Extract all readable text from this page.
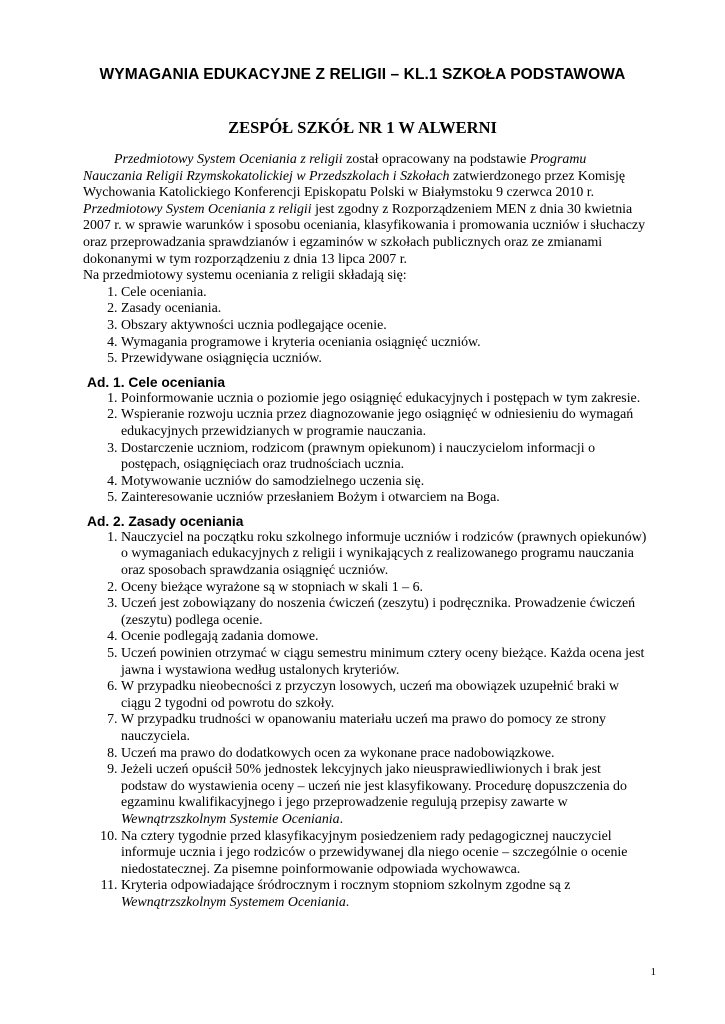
WYMAGANIA EDUKACYJNE Z RELIGII – KL.1 SZKOŁA PODSTAWOWA
ZESPÓŁ SZKÓŁ NR 1 W ALWERNI

Przedmiotowy System Oceniania z religii został opracowany na podstawie Programu Nauczania Religii Rzymskokatolickiej w Przedszkolach i Szkołach zatwierdzonego przez Komisję Wychowania Katolickiego Konferencji Episkopatu Polski w Białymstoku 9 czerwca 2010 r. Przedmiotowy System Oceniania z religii jest zgodny z Rozporządzeniem MEN z dnia 30 kwietnia 2007 r. w sprawie warunków i sposobu oceniania, klasyfikowania i promowania uczniów i słuchaczy oraz przeprowadzania sprawdzianów i egzaminów w szkołach publicznych oraz ze zmianami dokonanymi w tym rozporządzeniu z dnia 13 lipca 2007 r.

Na przedmiotowy systemu oceniania z religii składają się:

1. Cele oceniania.
2. Zasady oceniania.
3. Obszary aktywności ucznia podlegające ocenie.
4. Wymagania programowe i kryteria oceniania osiągnięć uczniów.
5. Przewidywane osiągnięcia uczniów.
Ad. 1. Cele oceniania
1. Poinformowanie ucznia o poziomie jego osiągnięć edukacyjnych i postępach w tym zakresie.
2. Wspieranie rozwoju ucznia przez diagnozowanie jego osiągnięć w odniesieniu do wymagań edukacyjnych przewidzianych w programie nauczania.
3. Dostarczenie uczniom, rodzicom (prawnym opiekunom) i nauczycielom informacji o postępach, osiągnięciach oraz trudnościach ucznia.
4. Motywowanie uczniów do samodzielnego uczenia się.
5. Zainteresowanie uczniów przesłaniem Bożym i otwarciem na Boga.
Ad. 2. Zasady oceniania
1. Nauczyciel na początku roku szkolnego informuje uczniów i rodziców (prawnych opiekunów) o wymaganiach edukacyjnych z religii i wynikających z realizowanego programu nauczania oraz sposobach sprawdzania osiągnięć uczniów.
2. Oceny bieżące wyrażone są w stopniach w skali 1 – 6.
3. Uczeń jest zobowiązany do noszenia ćwiczeń (zeszytu) i podręcznika. Prowadzenie ćwiczeń (zeszytu) podlega ocenie.
4. Ocenie podlegają zadania domowe.
5. Uczeń powinien otrzymać w ciągu semestru minimum cztery oceny bieżące. Każda ocena jest jawna i wystawiona według ustalonych kryteriów.
6. W przypadku nieobecności z przyczyn losowych, uczeń ma obowiązek uzupełnić braki w ciągu 2 tygodni od powrotu do szkoły.
7. W przypadku trudności w opanowaniu materiału uczeń ma prawo do pomocy ze strony nauczyciela.
8. Uczeń ma prawo do dodatkowych ocen za wykonane prace nadobowiązkowe.
9. Jeżeli uczeń opuścił 50% jednostek lekcyjnych jako nieusprawiedliwionych i brak jest podstaw do wystawienia oceny – uczeń nie jest klasyfikowany. Procedurę dopuszczenia do egzaminu kwalifikacyjnego i jego przeprowadzenie regulują przepisy zawarte w Wewnątrzszkolnym Systemie Oceniania.
10. Na cztery tygodnie przed klasyfikacyjnym posiedzeniem rady pedagogicznej nauczyciel informuje ucznia i jego rodziców o przewidywanej dla niego ocenie – szczególnie o ocenie niedostatecznej. Za pisemne poinformowanie odpowiada wychowawca.
11. Kryteria odpowiadające śródrocznym i rocznym stopniom szkolnym zgodne są z Wewnątrzszkolnym Systemem Oceniania.
1
